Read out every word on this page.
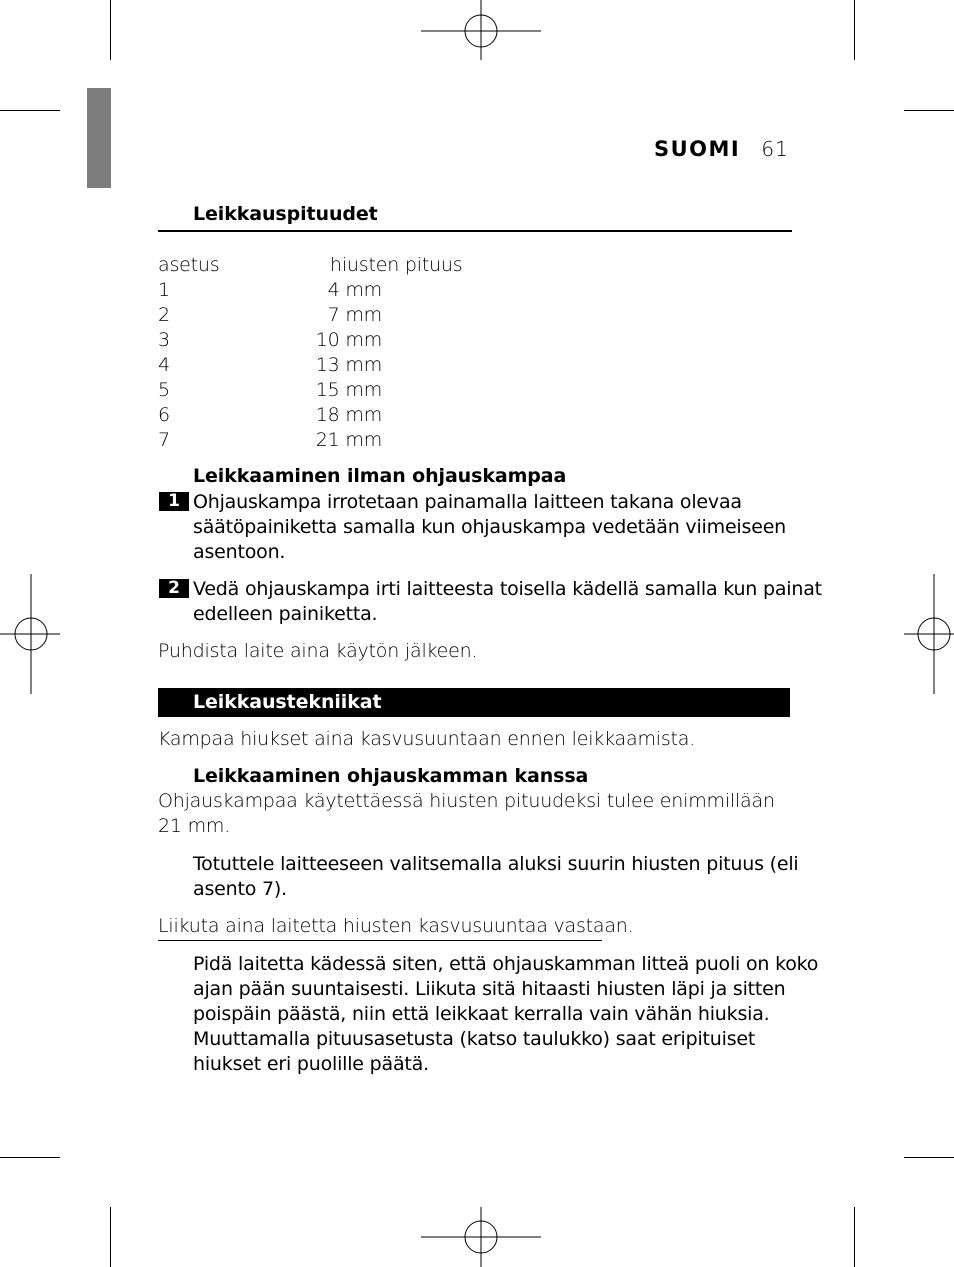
SUOMI 61
Leikkauspituudet
asetus	hiusten pituus
1	4 mm
2	7 mm
3	10 mm
4	13 mm
5	15 mm
6	18 mm
7	21 mm
Leikkaaminen ilman ohjauskampaa
1 Ohjauskampa irrotetaan painamalla laitteen takana olevaa
säätöpainiketta samalla kun ohjauskampa vedetään viimeiseen
asentoon.
2 Vedä ohjauskampa irti laitteesta toisella kädellä samalla kun painat
edelleen painiketta.
Puhdista laite aina käytön jälkeen.
Leikkaustekniikat
Kampaa hiukset aina kasvusuuntaan ennen leikkaamista.
Leikkaaminen ohjauskamman kanssa
Ohjauskampaa käytettäessä hiusten pituudeksi tulee enimmillään
21 mm.
Totuttele laitteeseen valitsemalla aluksi suurin hiusten pituus (eli
asento 7).
Liikuta aina laitetta hiusten kasvusuuntaa vastaan.
Pidä laitetta kädessä siten, että ohjauskamman litteä puoli on koko
ajan pään suuntaisesti. Liikuta sitä hitaasti hiusten läpi ja sitten
poispäin päästä, niin että leikkaat kerralla vain vähän hiuksia.
Muuttamalla pituusasetusta (katso taulukko) saat eripituiset
hiukset eri puolille päätä.
